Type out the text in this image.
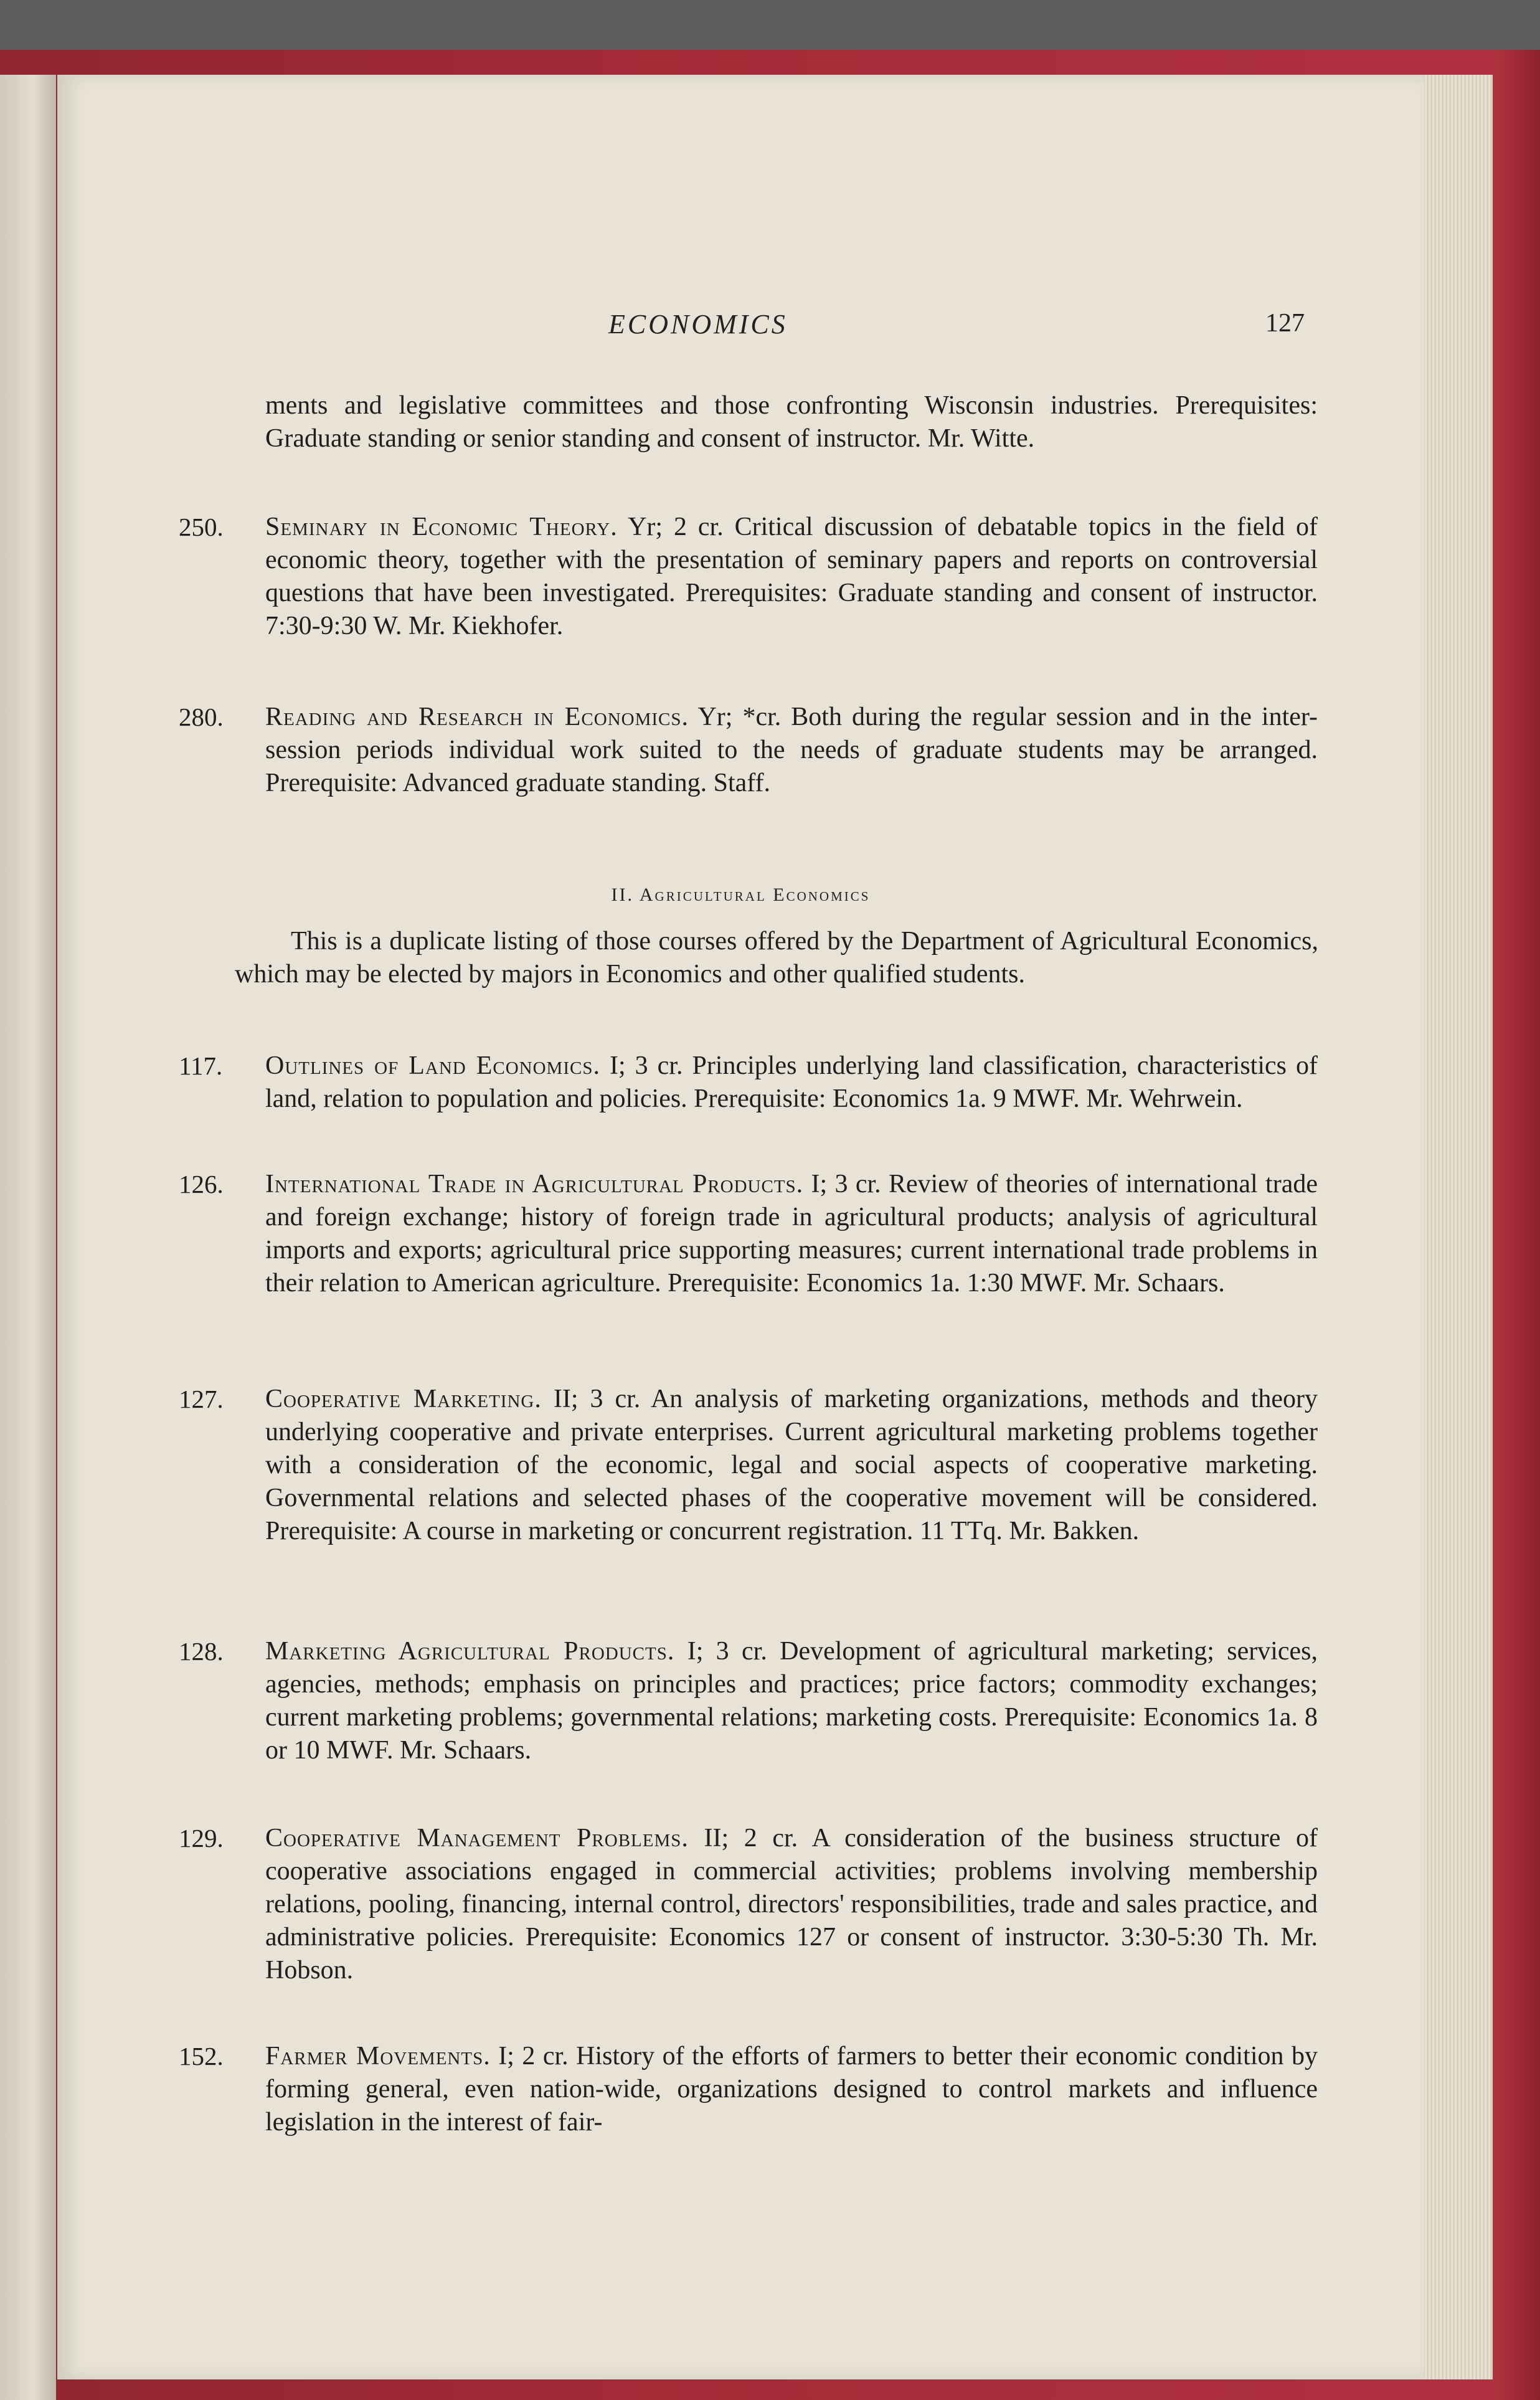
ECONOMICS	127
ments and legislative committees and those confronting Wisconsin industries. Prerequisites: Graduate standing or senior standing and consent of instructor. Mr. Witte.
250. Seminary in Economic Theory. Yr; 2 cr. Critical discussion of debatable topics in the field of economic theory, together with the presentation of seminary papers and reports on controversial questions that have been investigated. Prerequisites: Graduate standing and consent of instructor. 7:30-9:30 W. Mr. Kiekhofer.
280. Reading and Research in Economics. Yr; *cr. Both during the regular session and in the inter-session periods individual work suited to the needs of graduate students may be arranged. Prerequisite: Advanced graduate standing. Staff.
II. Agricultural Economics
This is a duplicate listing of those courses offered by the Department of Agricultural Economics, which may be elected by majors in Economics and other qualified students.
117. Outlines of Land Economics. I; 3 cr. Principles underlying land classification, characteristics of land, relation to population and policies. Prerequisite: Economics 1a. 9 MWF. Mr. Wehrwein.
126. International Trade in Agricultural Products. I; 3 cr. Review of theories of international trade and foreign exchange; history of foreign trade in agricultural products; analysis of agricultural imports and exports; agricultural price supporting measures; current international trade problems in their relation to American agriculture. Prerequisite: Economics 1a. 1:30 MWF. Mr. Schaars.
127. Cooperative Marketing. II; 3 cr. An analysis of marketing organizations, methods and theory underlying cooperative and private enterprises. Current agricultural marketing problems together with a consideration of the economic, legal and social aspects of cooperative marketing. Governmental relations and selected phases of the cooperative movement will be considered. Prerequisite: A course in marketing or concurrent registration. 11 TTq. Mr. Bakken.
128. Marketing Agricultural Products. I; 3 cr. Development of agricultural marketing; services, agencies, methods; emphasis on principles and practices; price factors; commodity exchanges; current marketing problems; governmental relations; marketing costs. Prerequisite: Economics 1a. 8 or 10 MWF. Mr. Schaars.
129. Cooperative Management Problems. II; 2 cr. A consideration of the business structure of cooperative associations engaged in commercial activities; problems involving membership relations, pooling, financing, internal control, directors' responsibilities, trade and sales practice, and administrative policies. Prerequisite: Economics 127 or consent of instructor. 3:30-5:30 Th. Mr. Hobson.
152. Farmer Movements. I; 2 cr. History of the efforts of farmers to better their economic condition by forming general, even nation-wide, organizations designed to control markets and influence legislation in the interest of fair-
